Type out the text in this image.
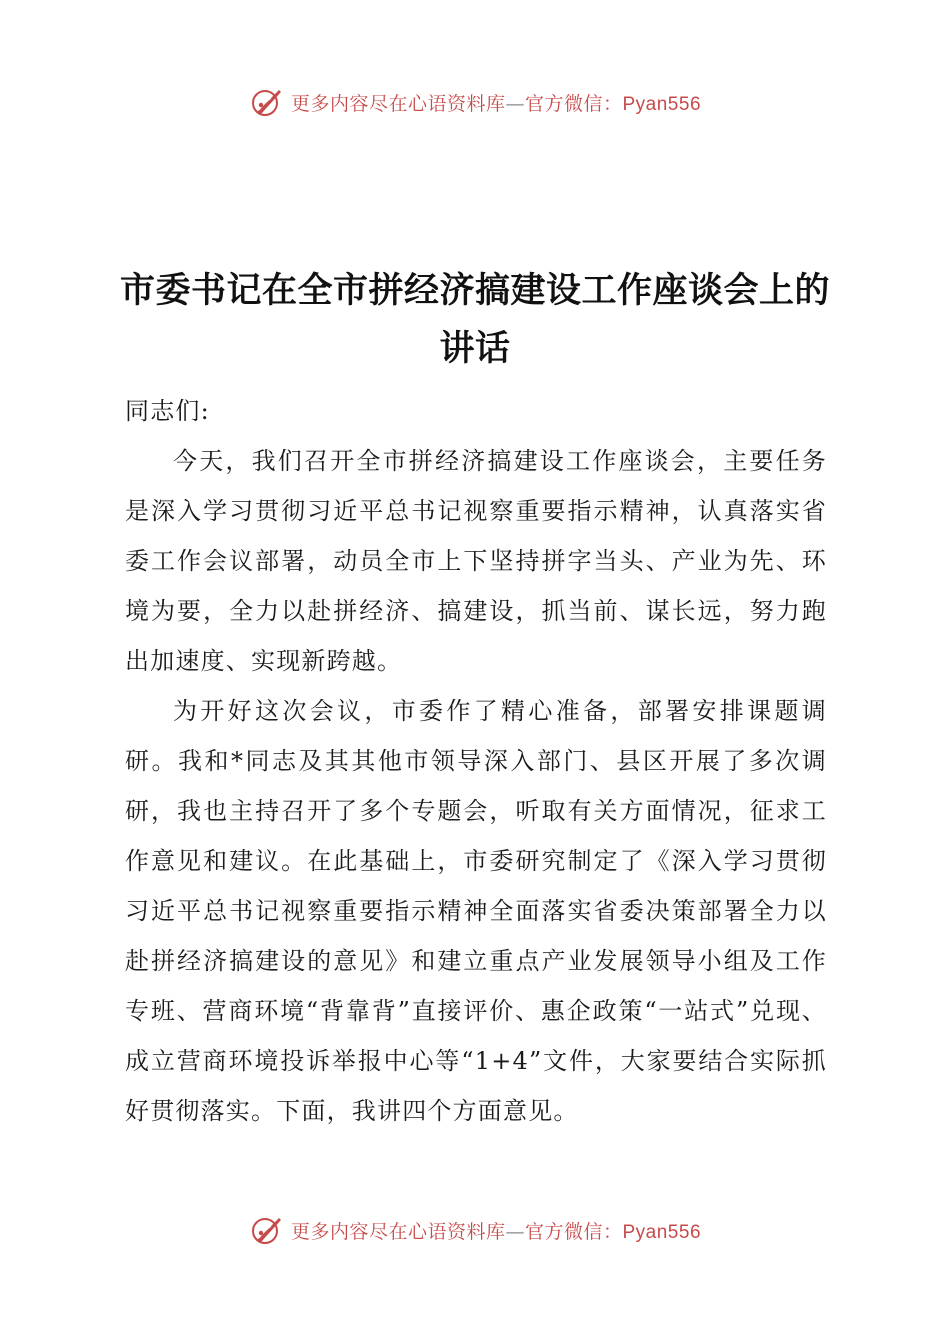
更多内容尽在心语资料库—官方微信：Pyan556
市委书记在全市拼经济搞建设工作座谈会上的讲话

同志们:

今天，我们召开全市拼经济搞建设工作座谈会，主要任务是深入学习贯彻习近平总书记视察重要指示精神，认真落实省委工作会议部署，动员全市上下坚持拼字当头、产业为先、环境为要，全力以赴拼经济、搞建设，抓当前、谋长远，努力跑出加速度、实现新跨越。

为开好这次会议，市委作了精心准备，部署安排课题调研。我和*同志及其其他市领导深入部门、县区开展了多次调研，我也主持召开了多个专题会，听取有关方面情况，征求工作意见和建议。在此基础上，市委研究制定了《深入学习贯彻习近平总书记视察重要指示精神全面落实省委决策部署全力以赴拼经济搞建设的意见》和建立重点产业发展领导小组及工作专班、营商环境“背靠背”直接评价、惠企政策“一站式”兑现、成立营商环境投诉举报中心等“1+4”文件，大家要结合实际抓好贯彻落实。下面，我讲四个方面意见。

更多内容尽在心语资料库—官方微信：Pyan556
